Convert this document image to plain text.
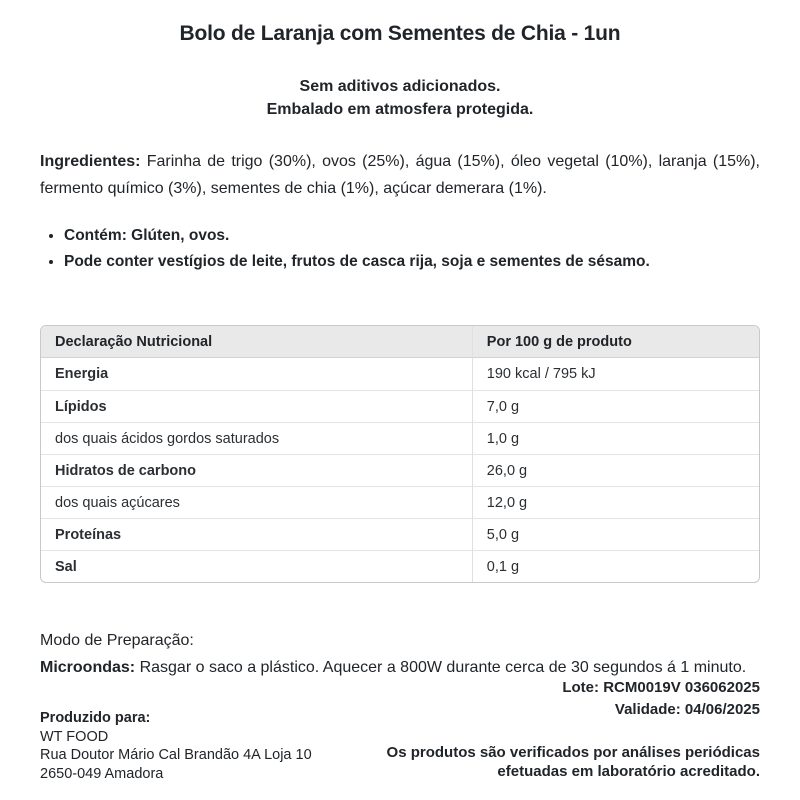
Bolo de Laranja com Sementes de Chia - 1un
Sem aditivos adicionados.
Embalado em atmosfera protegida.

Ingredientes: Farinha de trigo (30%), ovos (25%), água (15%), óleo vegetal (10%), laranja (15%), fermento químico (3%), sementes de chia (1%), açúcar demerara (1%).

• Contém: Glúten, ovos.
• Pode conter vestígios de leite, frutos de casca rija, soja e sementes de sésamo.
Declaração Nutricional	Por 100 g de produto
Energia	190 kcal / 795 kJ
Lípidos	7,0 g
dos quais ácidos gordos saturados	1,0 g
Hidratos de carbono	26,0 g
dos quais açúcares	12,0 g
Proteínas	5,0 g
Sal	0,1 g
Modo de Preparação:

Microondas: Rasgar o saco a plástico. Aquecer a 800W durante cerca de 30 segundos á 1 minuto.

Lote: RCM0019V 036062025
Validade: 04/06/2025
Produzido para:
WT FOOD
Rua Doutor Mário Cal Brandão 4A Loja 10
2650-049 Amadora
Os produtos são verificados por análises periódicas efetuadas em laboratório acreditado.
